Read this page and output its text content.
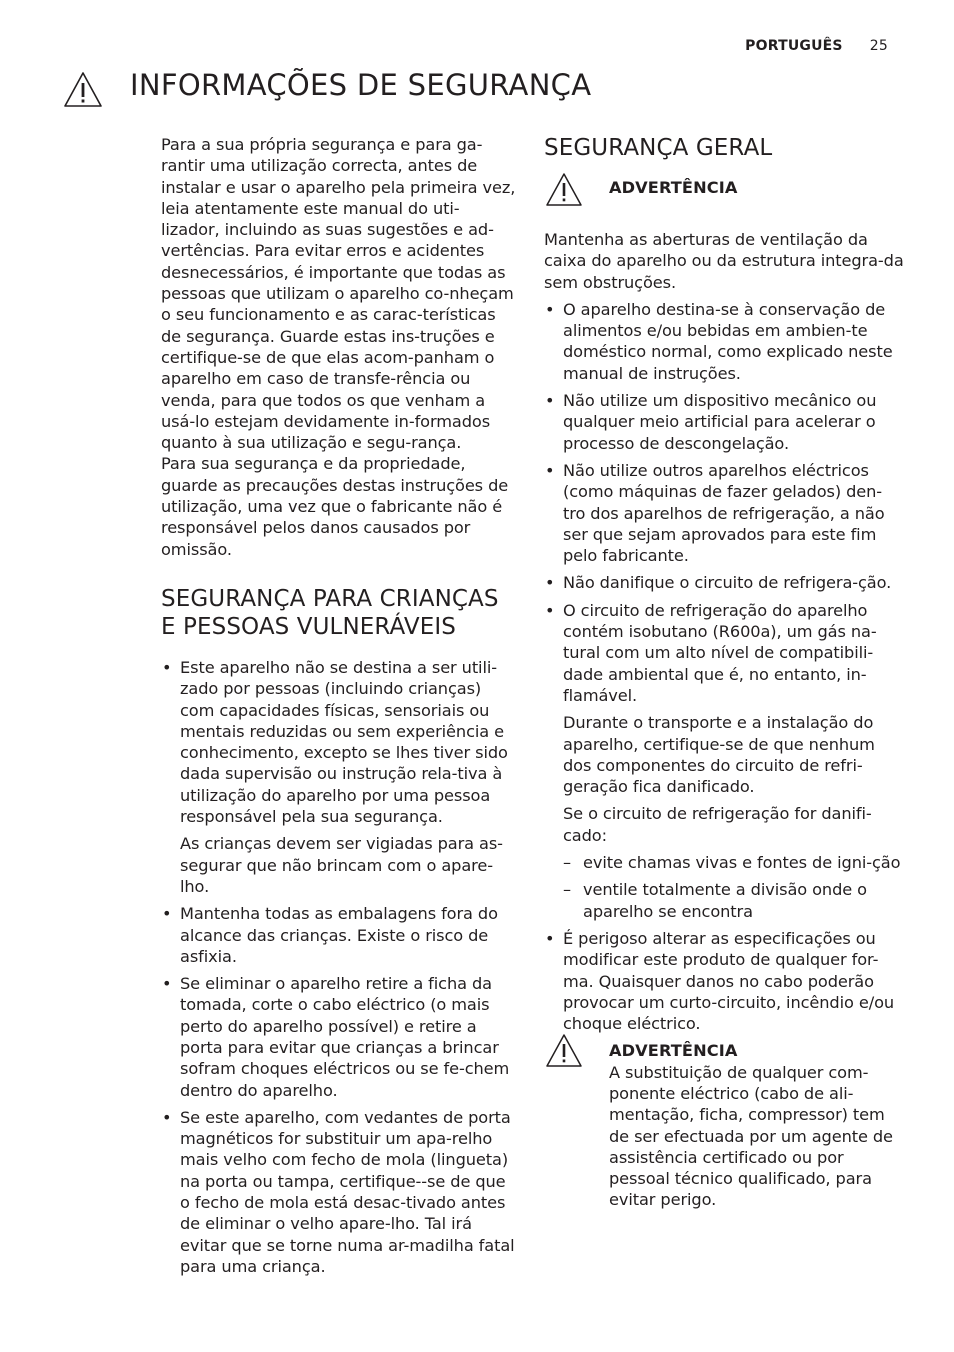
PORTUGUÊS 25
INFORMAÇÕES DE SEGURANÇA

Para a sua própria segurança e para ga-rantir uma utilização correcta, antes de instalar e usar o aparelho pela primeira vez, leia atentamente este manual do uti-lizador, incluindo as suas sugestões e ad-vertências. Para evitar erros e acidentes desnecessários, é importante que todas as pessoas que utilizam o aparelho co-nheçam o seu funcionamento e as carac-terísticas de segurança. Guarde estas ins-truções e certifique-se de que elas acom-panham o aparelho em caso de transfe-rência ou venda, para que todos os que venham a usá-lo estejam devidamente in-formados quanto à sua utilização e segu-rança.

Para sua segurança e da propriedade, guarde as precauções destas instruções de utilização, uma vez que o fabricante não é responsável pelos danos causados por omissão.

SEGURANÇA PARA CRIANÇAS E PESSOAS VULNERÁVEIS

• Este aparelho não se destina a ser utili-zado por pessoas (incluindo crianças) com capacidades físicas, sensoriais ou mentais reduzidas ou sem experiência e conhecimento, excepto se lhes tiver sido dada supervisão ou instrução rela-tiva à utilização do aparelho por uma pessoa responsável pela sua segurança.

As crianças devem ser vigiadas para as-segurar que não brincam com o apare-lho.

• Mantenha todas as embalagens fora do alcance das crianças. Existe o risco de asfixia.

• Se eliminar o aparelho retire a ficha da tomada, corte o cabo eléctrico (o mais perto do aparelho possível) e retire a porta para evitar que crianças a brincar sofram choques eléctricos ou se fe-chem dentro do aparelho.

• Se este aparelho, com vedantes de porta magnéticos for substituir um apa-relho mais velho com fecho de mola (lingueta) na porta ou tampa, certifique--se de que o fecho de mola está desac-tivado antes de eliminar o velho apare-lho. Tal irá evitar que se torne numa ar-madilha fatal para uma criança.

SEGURANÇA GERAL
ADVERTÊNCIA

Mantenha as aberturas de ventilação da caixa do aparelho ou da estrutura integra-da sem obstruções.

• O aparelho destina-se à conservação de alimentos e/ou bebidas em ambien-te doméstico normal, como explicado neste manual de instruções.

• Não utilize um dispositivo mecânico ou qualquer meio artificial para acelerar o processo de descongelação.

• Não utilize outros aparelhos eléctricos (como máquinas de fazer gelados) den-tro dos aparelhos de refrigeração, a não ser que sejam aprovados para este fim pelo fabricante.

• Não danifique o circuito de refrigera-ção.

• O circuito de refrigeração do aparelho contém isobutano (R600a), um gás na-tural com um alto nível de compatibili-dade ambiental que é, no entanto, in-flamável.

Durante o transporte e a instalação do aparelho, certifique-se de que nenhum dos componentes do circuito de refri-geração fica danificado.

Se o circuito de refrigeração for danifi-cado:

– evite chamas vivas e fontes de igni-ção
– ventile totalmente a divisão onde o aparelho se encontra

• É perigoso alterar as especificações ou modificar este produto de qualquer for-ma. Quaisquer danos no cabo poderão provocar um curto-circuito, incêndio e/ou choque eléctrico.

ADVERTÊNCIA

A substituição de qualquer com-ponente eléctrico (cabo de ali-mentação, ficha, compressor) tem de ser efectuada por um agente de assistência certificado ou por pessoal técnico qualificado, para evitar perigo.
